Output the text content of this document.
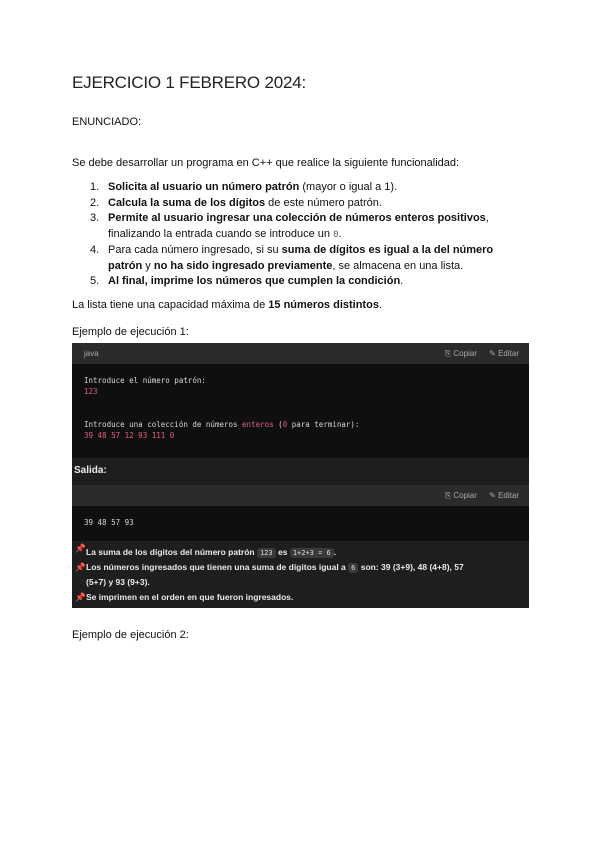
EJERCICIO 1 FEBRERO 2024:
ENUNCIADO:
Se debe desarrollar un programa en C++ que realice la siguiente funcionalidad:
1. Solicita al usuario un número patrón (mayor o igual a 1).
2. Calcula la suma de los dígitos de este número patrón.
3. Permite al usuario ingresar una colección de números enteros positivos,
finalizando la entrada cuando se introduce un 0.
4. Para cada número ingresado, si su suma de dígitos es igual a la del número patrón y no ha sido ingresado previamente, se almacena en una lista.
5. Al final, imprime los números que cumplen la condición.
La lista tiene una capacidad máxima de 15 números distintos.
Ejemplo de ejecución 1:
java	⎘ Copiar ✎ Editar
Introduce el número patrón:
123
Introduce una colección de números enteros (0 para terminar):
39 48 57 12 93 111 0
Salida:
⎘ Copiar ✎ Editar
39 48 57 93
📌 La suma de los dígitos del número patrón 123 es 1+2+3 = 6 .
📌 Los números ingresados que tienen una suma de dígitos igual a 6 son: 39 (3+9), 48 (4+8), 57
(5+7) y 93 (9+3).
📌 Se imprimen en el orden en que fueron ingresados.
Ejemplo de ejecución 2:
